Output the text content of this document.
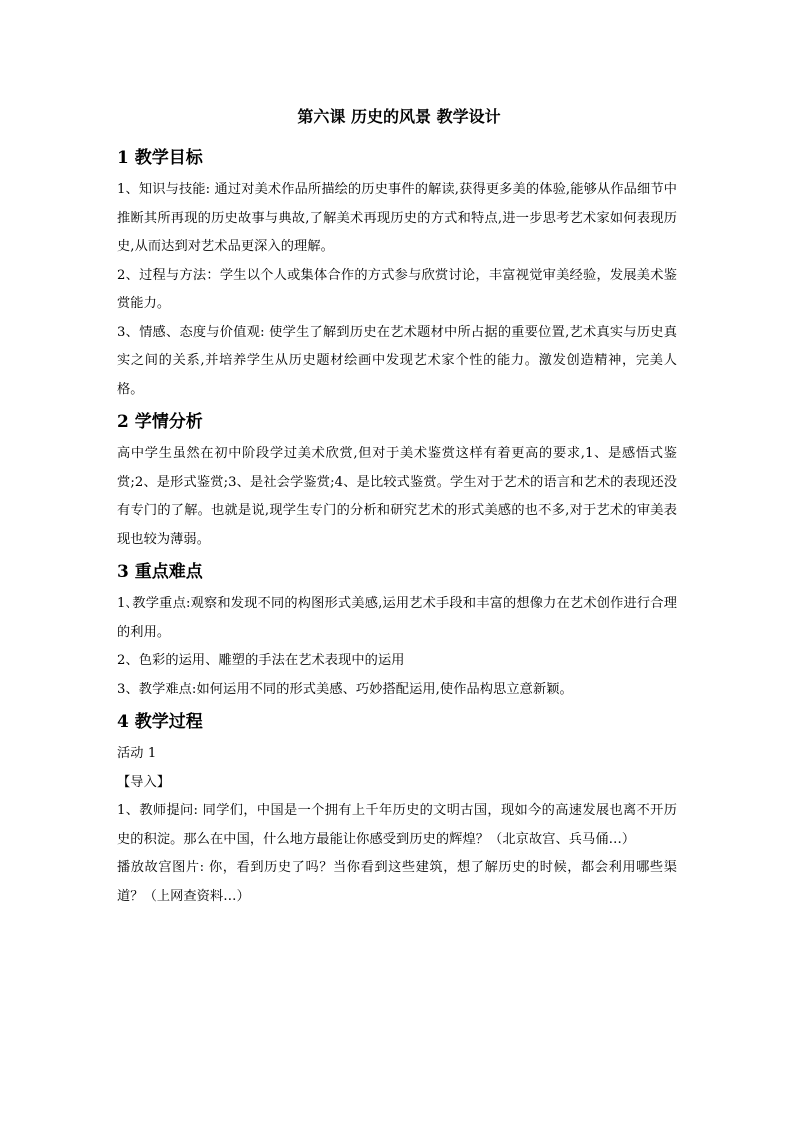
第六课 历史的风景 教学设计
1 教学目标

1、知识与技能: 通过对美术作品所描绘的历史事件的解读,获得更多美的体验,能够从作品细节中推断其所再现的历史故事与典故,了解美术再现历史的方式和特点,进一步思考艺术家如何表现历史,从而达到对艺术品更深入的理解。

2、过程与方法：学生以个人或集体合作的方式参与欣赏讨论，丰富视觉审美经验，发展美术鉴赏能力。

3、情感、态度与价值观: 使学生了解到历史在艺术题材中所占据的重要位置,艺术真实与历史真实之间的关系,并培养学生从历史题材绘画中发现艺术家个性的能力。激发创造精神，完美人格。

2 学情分析

高中学生虽然在初中阶段学过美术欣赏,但对于美术鉴赏这样有着更高的要求,1、是感悟式鉴赏;2、是形式鉴赏;3、是社会学鉴赏;4、是比较式鉴赏。学生对于艺术的语言和艺术的表现还没有专门的了解。也就是说,现学生专门的分析和研究艺术的形式美感的也不多,对于艺术的审美表现也较为薄弱。

3 重点难点

1､教学重点:观察和发现不同的构图形式美感,运用艺术手段和丰富的想像力在艺术创作进行合理的利用。

2、色彩的运用、雕塑的手法在艺术表现中的运用

3、教学难点:如何运用不同的形式美感、巧妙搭配运用,使作品构思立意新颖。

4 教学过程

活动 1

【导入】

1、教师提问: 同学们，中国是一个拥有上千年历史的文明古国，现如今的高速发展也离不开历史的积淀。那么在中国，什么地方最能让你感受到历史的辉煌？（北京故宫、兵马俑…）

播放故宫图片: 你，看到历史了吗？当你看到这些建筑，想了解历史的时候，都会利用哪些渠道？（上网查资料…）
